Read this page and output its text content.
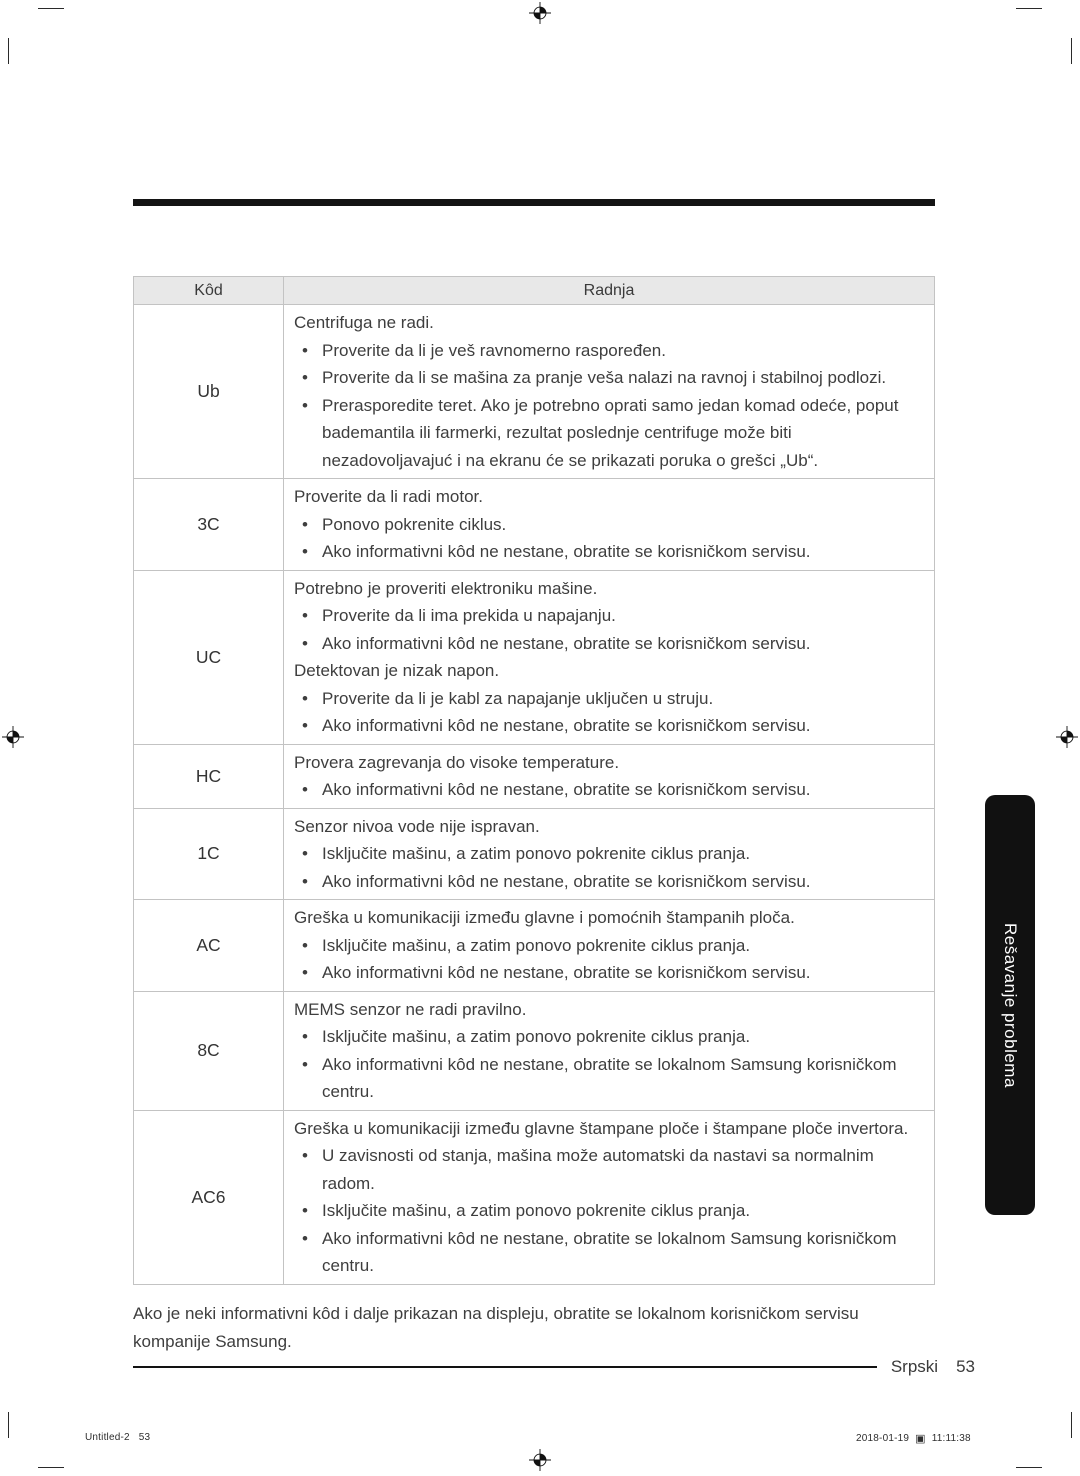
Kôd	Radnja
Ub
Centrifuga ne radi.
• Proverite da li je veš ravnomerno raspoređen.
• Proverite da li se mašina za pranje veša nalazi na ravnoj i stabilnoj podlozi.
• Prerasporedite teret. Ako je potrebno oprati samo jedan komad odeće, poput bademantila ili farmerki, rezultat poslednje centrifuge može biti nezadovoljavajuć i na ekranu će se prikazati poruka o grešci „Ub“.
3C
Proverite da li radi motor.
• Ponovo pokrenite ciklus.
• Ako informativni kôd ne nestane, obratite se korisničkom servisu.
UC
Potrebno je proveriti elektroniku mašine.
• Proverite da li ima prekida u napajanju.
• Ako informativni kôd ne nestane, obratite se korisničkom servisu.
Detektovan je nizak napon.
• Proverite da li je kabl za napajanje uključen u struju.
• Ako informativni kôd ne nestane, obratite se korisničkom servisu.
HC
Provera zagrevanja do visoke temperature.
• Ako informativni kôd ne nestane, obratite se korisničkom servisu.
1C
Senzor nivoa vode nije ispravan.
• Isključite mašinu, a zatim ponovo pokrenite ciklus pranja.
• Ako informativni kôd ne nestane, obratite se korisničkom servisu.
AC
Greška u komunikaciji između glavne i pomoćnih štampanih ploča.
• Isključite mašinu, a zatim ponovo pokrenite ciklus pranja.
• Ako informativni kôd ne nestane, obratite se korisničkom servisu.
8C
MEMS senzor ne radi pravilno.
• Isključite mašinu, a zatim ponovo pokrenite ciklus pranja.
• Ako informativni kôd ne nestane, obratite se lokalnom Samsung korisničkom centru.
AC6
Greška u komunikaciji između glavne štampane ploče i štampane ploče invertora.
• U zavisnosti od stanja, mašina može automatski da nastavi sa normalnim radom.
• Isključite mašinu, a zatim ponovo pokrenite ciklus pranja.
• Ako informativni kôd ne nestane, obratite se lokalnom Samsung korisničkom centru.
Ako je neki informativni kôd i dalje prikazan na displeju, obratite se lokalnom korisničkom servisu kompanije Samsung.
Srpski 53
Rešavanje problema
Untitled-2 53	2018-01-19 ▣ 11:11:38
